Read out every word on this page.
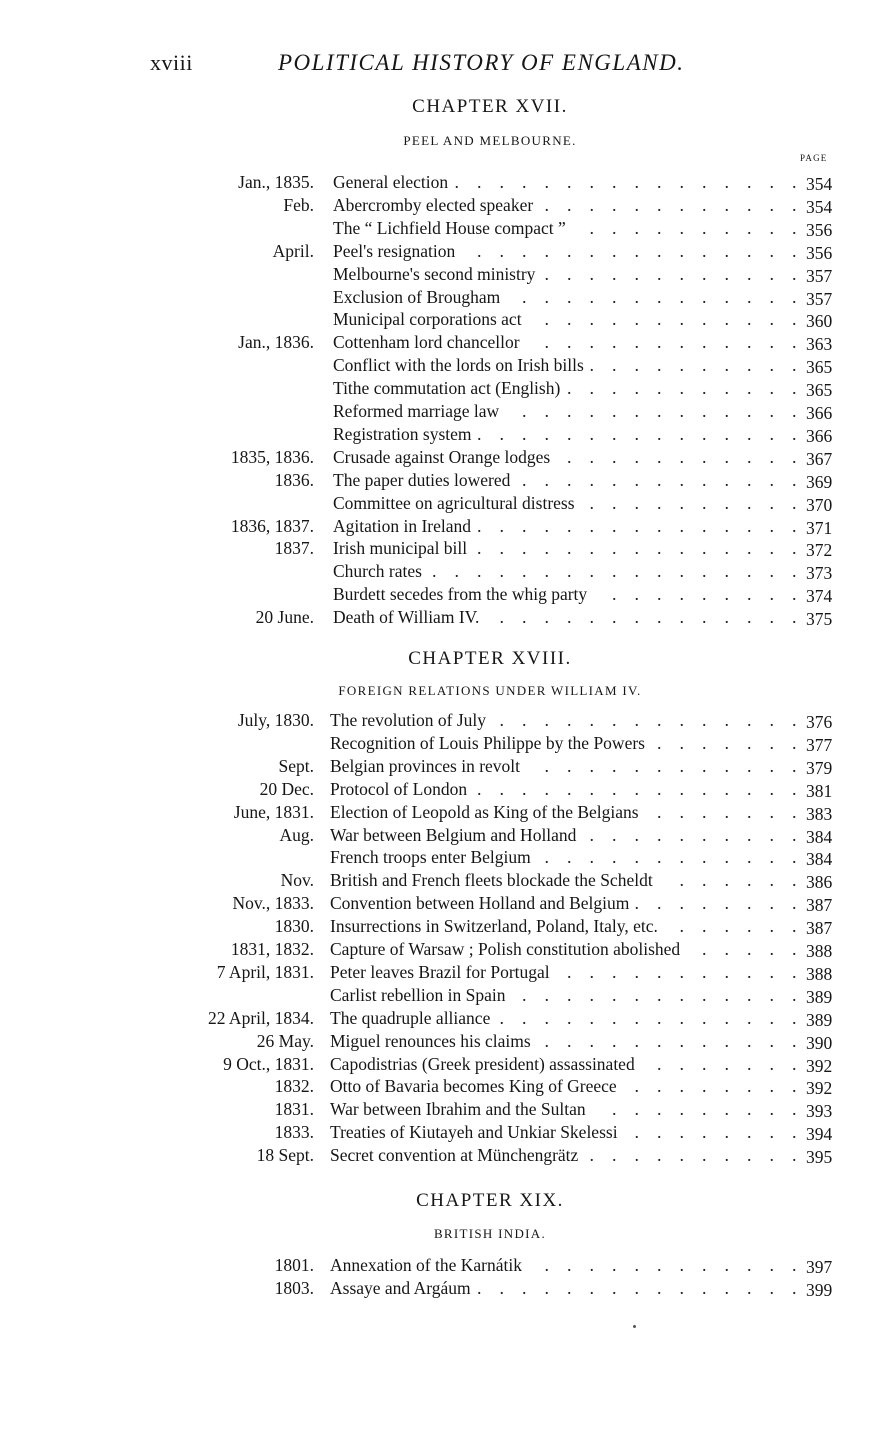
xviii	POLITICAL HISTORY OF ENGLAND.
CHAPTER XVII.
PEEL AND MELBOURNE.
PAGE
CHAPTER XVIII.
FOREIGN RELATIONS UNDER WILLIAM IV.
CHAPTER XIX.
BRITISH INDIA.
Jan., 1835. General election . . . . . . . . . . . . . . . . 354
Feb. Abercromby elected speaker . . . . . . . . . . . . 354
The “ Lichfield House compact ” . . . . . . . . . . 356
April. Peel's resignation . . . . . . . . . . . . . . . 356
Melbourne's second ministry . . . . . . . . . . . . 357
Exclusion of Brougham . . . . . . . . . . . . . 357
Municipal corporations act . . . . . . . . . . . . 360
Jan., 1836. Cottenham lord chancellor . . . . . . . . . . . . 363
Conflict with the lords on Irish bills . . . . . . . . . . 365
Tithe commutation act (English) . . . . . . . . . . . 365
Reformed marriage law . . . . . . . . . . . . . 366
Registration system . . . . . . . . . . . . . . . 366
1835, 1836. Crusade against Orange lodges . . . . . . . . . . . 367
1836. The paper duties lowered . . . . . . . . . . . . . 369
Committee on agricultural distress . . . . . . . . . . 370
1836, 1837. Agitation in Ireland . . . . . . . . . . . . . . . 371
1837. Irish municipal bill . . . . . . . . . . . . . . . 372
Church rates . . . . . . . . . . . . . . . . . 373
Burdett secedes from the whig party . . . . . . . . . 374
20 June. Death of William IV. . . . . . . . . . . . . . . 375
July, 1830. The revolution of July . . . . . . . . . . . . . . 376
Recognition of Louis Philippe by the Powers . . . . . . . 377
Sept. Belgian provinces in revolt . . . . . . . . . . . . 379
20 Dec. Protocol of London . . . . . . . . . . . . . . . 381
June, 1831. Election of Leopold as King of the Belgians . . . . . . . 383
Aug. War between Belgium and Holland . . . . . . . . . . 384
French troops enter Belgium . . . . . . . . . . . . 384
Nov. British and French fleets blockade the Scheldt . . . . . . 386
Nov., 1833. Convention between Holland and Belgium . . . . . . . . 387
1830. Insurrections in Switzerland, Poland, Italy, etc. . . . . . . 387
1831, 1832. Capture of Warsaw ; Polish constitution abolished . . . . . 388
7 April, 1831. Peter leaves Brazil for Portugal . . . . . . . . . . . 388
Carlist rebellion in Spain . . . . . . . . . . . . . 389
22 April, 1834. The quadruple alliance . . . . . . . . . . . . . . 389
26 May. Miguel renounces his claims . . . . . . . . . . . . 390
9 Oct., 1831. Capodistrias (Greek president) assassinated . . . . . . . 392
1832. Otto of Bavaria becomes King of Greece . . . . . . . . 392
1831. War between Ibrahim and the Sultan . . . . . . . . . 393
1833. Treaties of Kiutayeh and Unkiar Skelessi . . . . . . . . 394
18 Sept. Secret convention at Münchengrätz . . . . . . . . . . 395
1801. Annexation of the Karnátik . . . . . . . . . . . . 397
1803. Assaye and Argáum . . . . . . . . . . . . . . . 399
